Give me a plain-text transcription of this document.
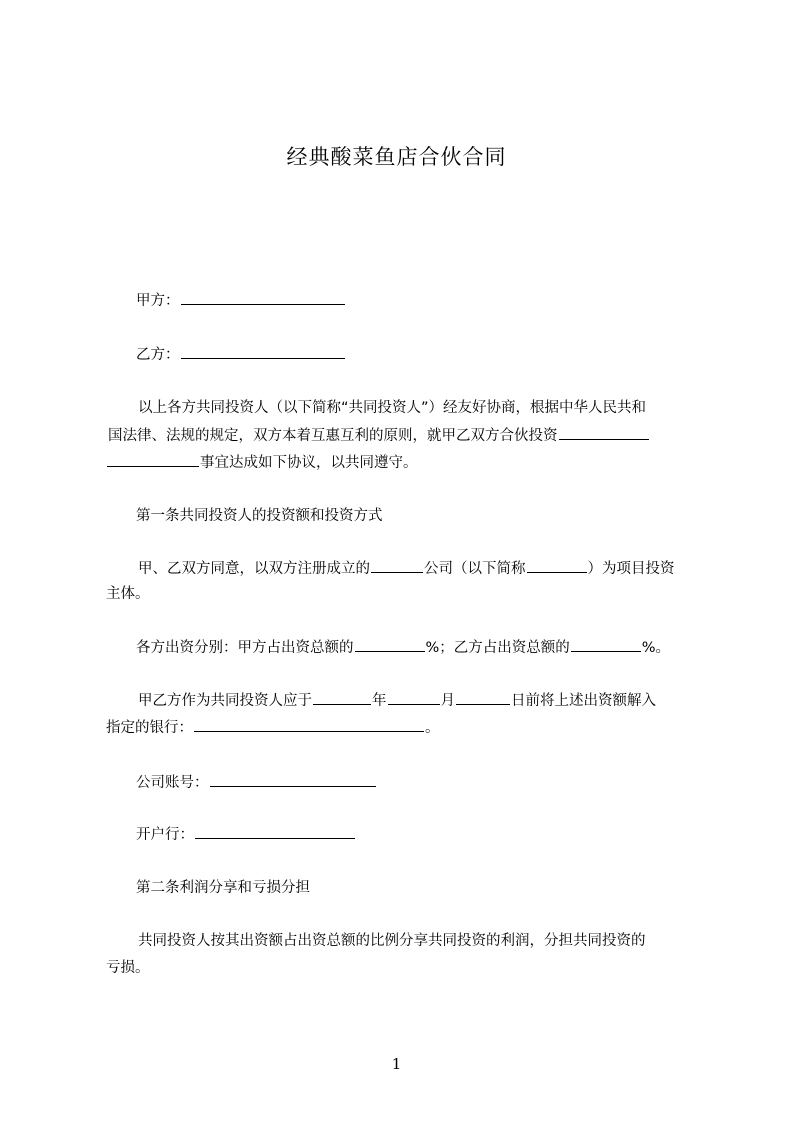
经典酸菜鱼店合伙合同
甲方：
乙方：
以上各方共同投资人（以下简称“共同投资人”）经友好协商，根据中华人民共和
国法律、法规的规定，双方本着互惠互利的原则，就甲乙双方合伙投资
事宜达成如下协议，以共同遵守。
第一条共同投资人的投资额和投资方式
甲、乙双方同意，以双方注册成立的	公司（以下简称	）为项目投资
主体。
各方出资分别：甲方占出资总额的	%；乙方占出资总额的	%。
甲乙方作为共同投资人应于	年	月	日前将上述出资额解入
指定的银行：	。
公司账号：
开户行：
第二条利润分享和亏损分担
共同投资人按其出资额占出资总额的比例分享共同投资的利润，分担共同投资的
亏损。
1
